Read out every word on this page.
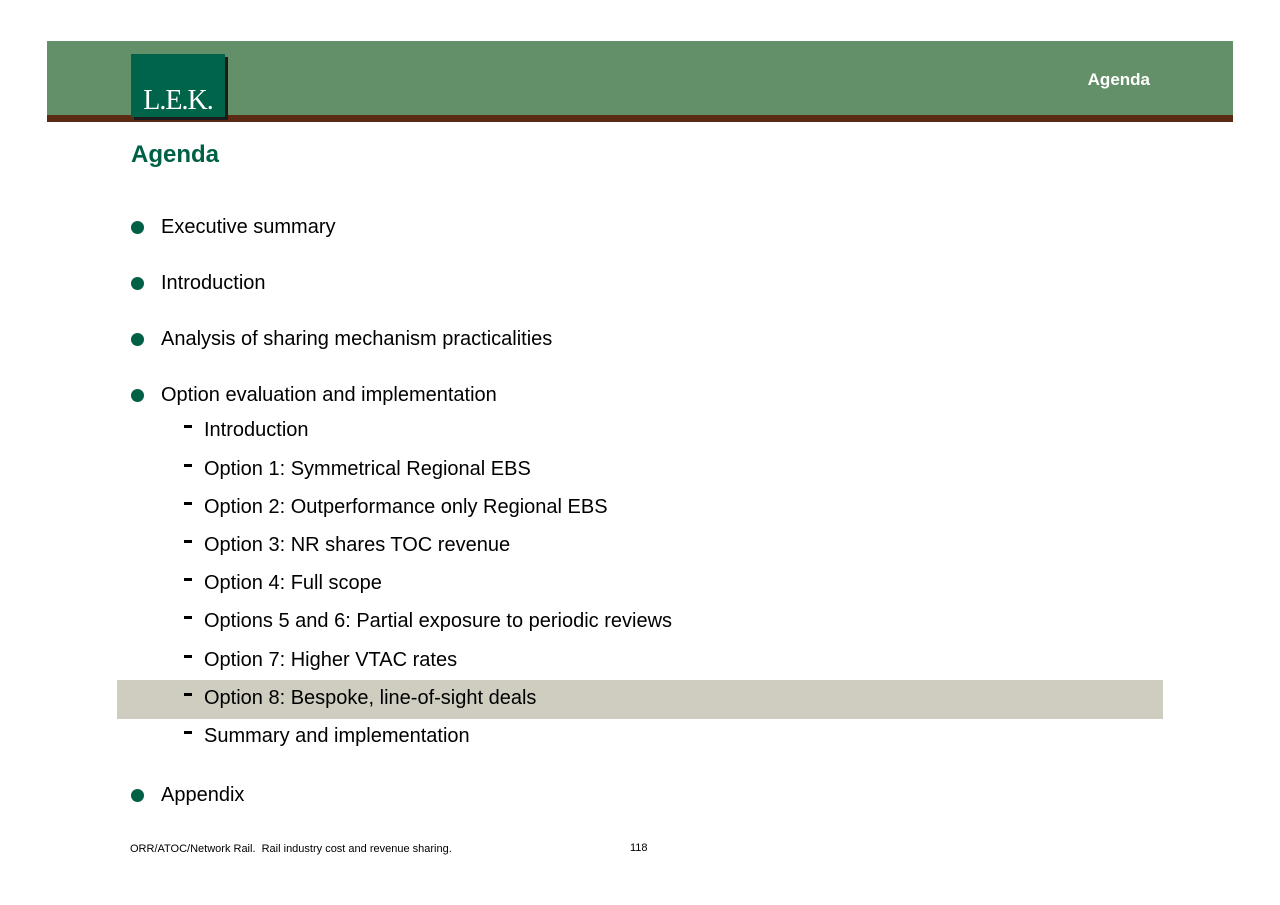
L.E.K.
Agenda
Agenda
Executive summary
Introduction
Analysis of sharing mechanism practicalities
Option evaluation and implementation
Introduction
Option 1: Symmetrical Regional EBS
Option 2: Outperformance only Regional EBS
Option 3: NR shares TOC revenue
Option 4: Full scope
Options 5 and 6: Partial exposure to periodic reviews
Option 7: Higher VTAC rates
Option 8: Bespoke, line-of-sight deals
Summary and implementation
Appendix
ORR/ATOC/Network Rail.  Rail industry cost and revenue sharing.	118
